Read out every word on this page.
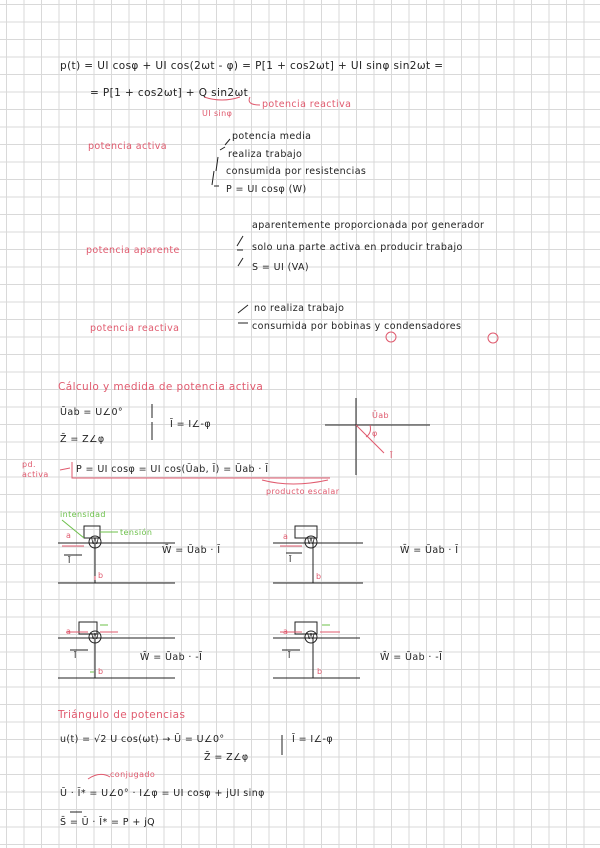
p(t) = UI cosφ + UI cos(2ωt - φ) = P[1 + cos2ωt] + UI sinφ sin2ωt =
= P[1 + cos2ωt] + Q sin2ωt
UI sinφ
potencia reactiva
potencia activa
potencia media
realiza trabajo
consumida por resistencias
P = UI cosφ (W)
potencia aparente
aparentemente proporcionada por generador
solo una parte activa en producir trabajo
S = UI (VA)
potencia reactiva
no realiza trabajo
consumida por bobinas y condensadores
Cálculo y medida de potencia activa
Ūab = U∠0°
Z̄ = Z∠φ
Ī = I∠-φ
Ūab
φ
Ī
pd. activa	P = UI cosφ = UI cos(Ūab, Ī) = Ūab · Ī
producto escalar
intensidad
tensión
a
W
Ī
b
W̄ = Ūab · Ī
a
W
Ī
b
W̄ = Ūab · Ī
a
W
Ī
b
W̄ = Ūab · -Ī
a
W
Ī
b
W̄ = Ūab · -Ī
Triángulo de potencias
u(t) = √2 U cos(ωt) → Ū = U∠0°
Z̄ = Z∠φ
Ī = I∠-φ
conjugado
Ū · Ī* = U∠0° · I∠φ = UI cosφ + jUI sinφ
S̄ = Ū · Ī* = P + jQ
